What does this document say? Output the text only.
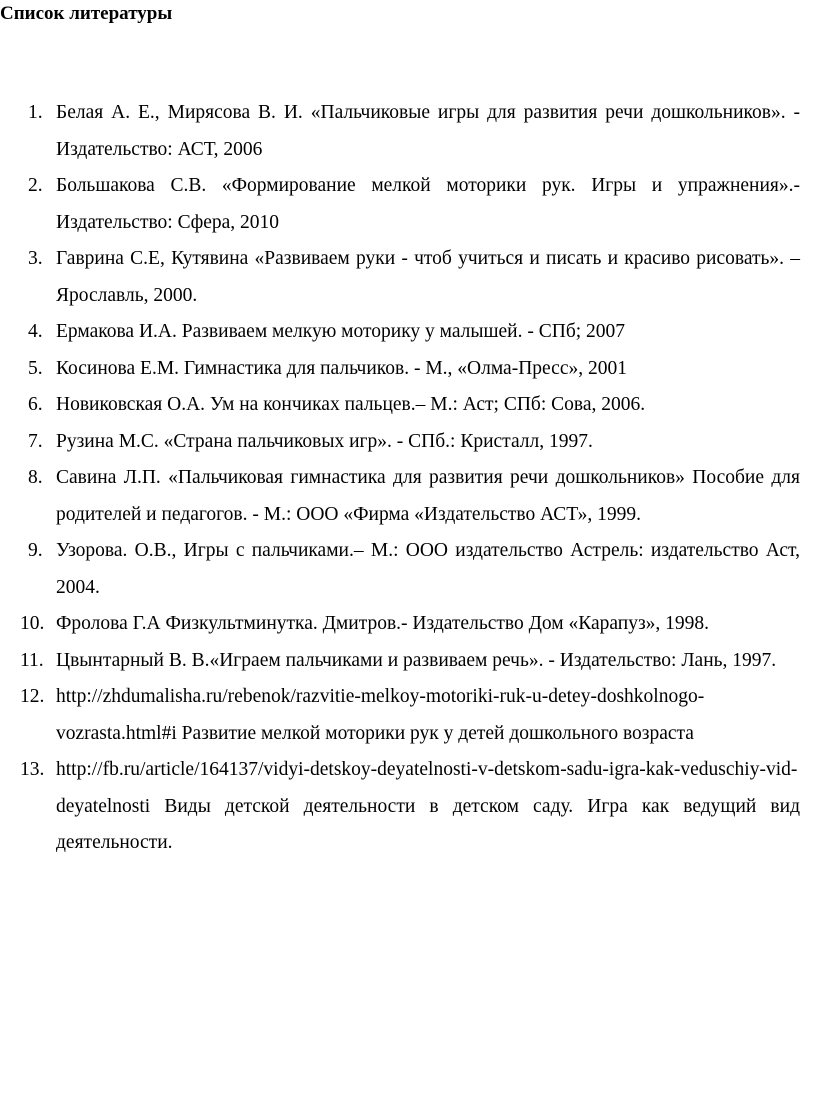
Список литературы
1. Белая А. Е., Мирясова В. И. «Пальчиковые игры для развития речи дошкольников». - Издательство: АСТ, 2006
2. Большакова С.В. «Формирование мелкой моторики рук. Игры и упражнения».- Издательство: Сфера, 2010
3. Гаврина С.Е, Кутявина «Развиваем руки - чтоб учиться и писать и красиво рисовать». – Ярославль, 2000.
4. Ермакова И.А. Развиваем мелкую моторику у малышей. - СПб; 2007
5. Косинова Е.М. Гимнастика для пальчиков. - М., «Олма-Пресс», 2001
6. Новиковская О.А. Ум на кончиках пальцев.– М.: Аст; СПб: Сова, 2006.
7. Рузина М.С. «Страна пальчиковых игр». - СПб.: Кристалл, 1997.
8. Савина Л.П. «Пальчиковая гимнастика для развития речи дошкольников» Пособие для родителей и педагогов. - М.: ООО «Фирма «Издательство АСТ», 1999.
9. Узорова. О.В., Игры с пальчиками.– М.: ООО издательство Астрель: издательство Аст, 2004.
10. Фролова Г.А Физкультминутка. Дмитров.- Издательство Дом «Карапуз», 1998.
11. Цвынтарный В. В.«Играем пальчиками и развиваем речь». - Издательство: Лань, 1997.
12. http://zhdumalisha.ru/rebenok/razvitie-melkoy-motoriki-ruk-u-detey-doshkolnogo-vozrasta.html#i Развитие мелкой моторики рук у детей дошкольного возраста
13. http://fb.ru/article/164137/vidyi-detskoy-deyatelnosti-v-detskom-sadu-igra-kak-veduschiy-vid-deyatelnosti Виды детской деятельности в детском саду. Игра как ведущий вид деятельности.
